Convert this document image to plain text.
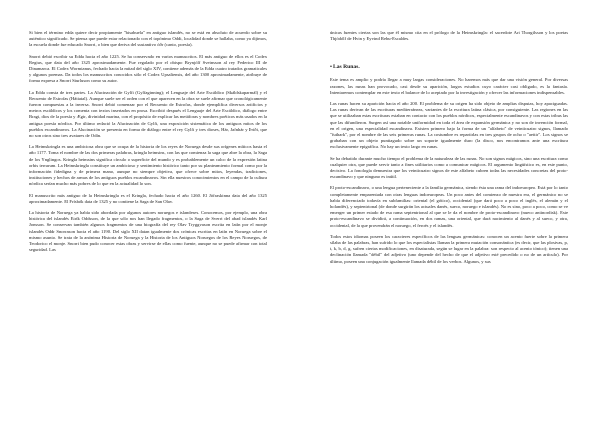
Si bien el término edda quiere decir propiamente "bisabuela" en antiguo islandés, no se está en absoluto de acuerdo sobre su auténtico significado. Se piensa que puede estar relacionado con el topónimo Oddi, localidad donde se hallaba, como ya dijimos, la escuela donde fue educado Snorri, o bien que deriva del sustantivo óðr (canto, poesía).

Snorri debió escribir su Edda hacia el año 1225. Se ha conservado en varios manuscritos. El más antiguo de ellos es el Codex Regius, que data del año 1325 aproximadamente. Fue regalado por el obispo Brynjólf Sveinsson al rey Federico III de Dinamarca. El Codex Wormianus, fechado hacia la mitad del siglo XIV, contiene además de la Edda cuatro tratados gramaticales y algunos poemas. Da todos los manuscritos conocidos sólo el Codex Upsaliensis, del año 1300 aproximadamente, atribuye de forma expresa a Snorri Sturluson como su autor.

La Edda consta de tres partes. La Alucinación de Gylfi (Gylfaginning); el Lenguaje del Arte Escáldico (Skáldskaparmál) y el Recuento de Estrofas (Háttatal). Aunque suele ser el orden con el que aparecen en la obra se suele afirmar que cronológicamente fueron compuestas a la inversa. Snorri debió comenzar por el Recuento de Estrofas, donde ejemplifica diversos artificios y metros escáldicos y los comenta con textos insertados en prosa. Escribió después el Lenguaje del Arte Escáldico, diálogo entre Bragi, dios de la poesía y Ægir, divinidad marina, con el propósito de explicar las metáforas y nombres poéticos más usados en la antigua poesía nórdica. Por último redactó la Alucinación de Gylfi, una exposición sistemática de los antiguos mitos de los pueblos escandinavos. La Alucinación se presenta en forma de diálogo entre el rey Gylfi y tres dioses, Hár, Jafnhár y Þriði, que no son otros sino tres avatares de Odín.

La Heimskringla es una ambiciosa obra que se ocupa de la historia de los reyes de Noruega desde sus orígenes míticos hasta el año 1177. Toma el nombre de las dos primeras palabras, kringla heimsins, con las que comienza la saga que abre la obra, la Saga de los Ynglingos. Kringla heimsins significa círculo o superficie del mundo y es probablemente un calco de la expresión latina orbis terrarum. La Heimskringla constituye un ambicioso y sentimiento histórico tanto por su planteamiento formal como por la información fidedigna y de primera mano, aunque no siempre objetiva, que ofrece sobre mitos, leyendas, tradiciones, instituciones y hechos de armas de los antiguos pueblos escandinavos. Sin ella nuestros conocimientos en el campo de la cultura nórdica serían mucho más pobres de lo que en la actualidad lo son.

El manuscrito más antiguo de la Heimskringla es el Kringla, fechado hacia el año 1260. El Jöfraskinna data del año 1325 aproximadamente. El Frísbók data de 1325 y no contiene la Saga de San Olav.

La historia de Noruega ya había sido abordada por algunos autores noruegos e islandeses. Conocemos, por ejemplo, una obra histórica del islandés Eirík Oddsson, de la que sólo nos han llegado fragmentos, o la Saga de Sverri del abad islandés Karl Jonsson. Se conservan también algunos fragmentos de una biografía del rey Olav Tryggvason escrita en latín por el monje islandés Oddr Snorrason hacia el año 1190. Del siglo XII datan igualmente dos crónicas escritas en latín en Noruega sobre el mismo asunto. Se trata de la anónima Historia de Noruega y la Historia de los Antiguos Noruegos de los Reyes Noruegos, de Teodorico el monje. Snorri bien pudo conocer estas obras y servirse de ellas como fuente, aunque no se puede afirmar con total seguridad. Las

únicas fuentes ciertas son las que él mismo cita en el prólogo de la Heimskringla: el sacerdote Ari Thorgilsson y los poetas Thjódólf de Hvin y Eyvind Rebu-Escaldes.

•Las Runas.

Este tema es amplio y podría llegar a muy largas consideraciones. No haremos más que dar una visión general. Por diversas razones, las runas han provocado, casi desde su aparición, largos estudios cuyo carácter casi obligado, es la fantasía. Intentaremos contemplar en este texto el balance de lo aceptado por la investigación y ofrecer las informaciones indispensables.

Las runas hacen su aparición hacia el año 200. El problema de su origen ha sido objeto de amplias disputas, hoy apaciguadas. Las runas derivan de las escrituras mediterráneas, variantes de la escritura latina clásica, por consiguiente. Las regiones en las que se utilizaban estas escrituras estaban en contacto con los pueblos nórdicos, especialmente escandinavos y con estas tribus las que las difundieron. Surgen así una notable uniformidad en toda el área de expansión germánica y no son de invención formal, en el origen, una especialidad escandinava. Existen primero bajo la forma de un "alfabeto" de veinticuatro signos, llamado "futhark", por el nombre de las seis primeras runas. La costumbre es repartirlas en tres grupos de ocho o "aettir". Los signos se grababan con un objeto puntiagudo sobre un soporte igualmente duro (la disco, nos encontramos ante una escritura exclusivamente epigráfica. No hay un texto largo en runas.

Se ha debatido durante mucho tiempo el problema de la naturaleza de las runas. No son signos mágicos, sino una escritura como cualquier otra, que puede servir tanto a fines utilitarios como a comunicar mágicos. El argumento lingüístico es, en este punto, decisivo. La fonología demuestra que los veinticuatro signos de este alfabeto cubren todas las necesidades concretas del proto-escandinavo y que ninguno es inútil.

El proto-escandinavo, o una lengua perteneciente a la familia germánica, siendo ésta una rama del indoeuropeo. Está por lo tanto completamente emparentada con otras lenguas indoeuropeas. Un poco antes del comienzo de nuestra era, el germánico no se había diferenciado todavía en subfamilias: oriental (el gótico), occidental (que dará poco a poco el inglés, el alemán y el holandés), y septentrional (de donde surgirán los actuales danés, sueco, noruego e islandés). No es sino, poco a poco, como se ve emerger un primer estado de esa rama septentrional al que se le da el nombre de proto-escandinavo (nueco antinordisk). Este proto-escandinavo se dividirá, a continuación, en dos ramas, una oriental, que dará nacimiento al danés y al sueco, y otra, occidental, de la que provendrán el noruego, el feroés y el islandés.

Todos estos idiomas poseen los caracteres específicos de las lenguas germánicas: conocen un acento fuerte sobre la primera sílaba de las palabras, han sufrido lo que los especialistas llaman la primera mutación consonántica (es decir, que las plosivas, p, t, k, b, d, g, sufren ciertas modificaciones, en disaturada, según se lugar en la palabra: son respecto al acento tónico); tienen una declinación llamada "débil" del adjetivo (uno depende del hecho de que el adjetivo esté precedido o no de un artículo). Por último, poseen una conjugación igualmente llamada débil de los verbos. Algunos, y sus
